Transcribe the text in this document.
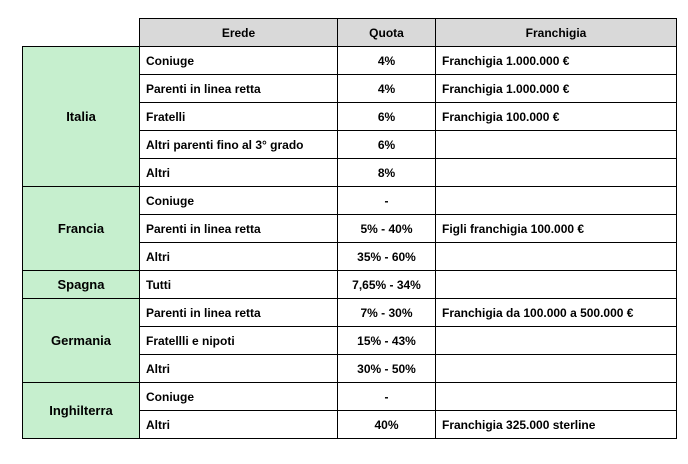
	Erede	Quota	Franchigia
Italia	Coniuge	4%	Franchigia 1.000.000 €
	Parenti in linea retta	4%	Franchigia 1.000.000 €
	Fratelli	6%	Franchigia 100.000 €
	Altri parenti fino al 3° grado	6%	
	Altri	8%	
Francia	Coniuge	-	
	Parenti in linea retta	5% - 40%	Figli franchigia 100.000 €
	Altri	35% - 60%	
Spagna	Tutti	7,65% - 34%	
Germania	Parenti in linea retta	7% - 30%	Franchigia da 100.000 a 500.000 €
	Fratellli e nipoti	15% - 43%	
	Altri	30% - 50%	
Inghilterra	Coniuge	-	
	Altri	40%	Franchigia 325.000 sterline
